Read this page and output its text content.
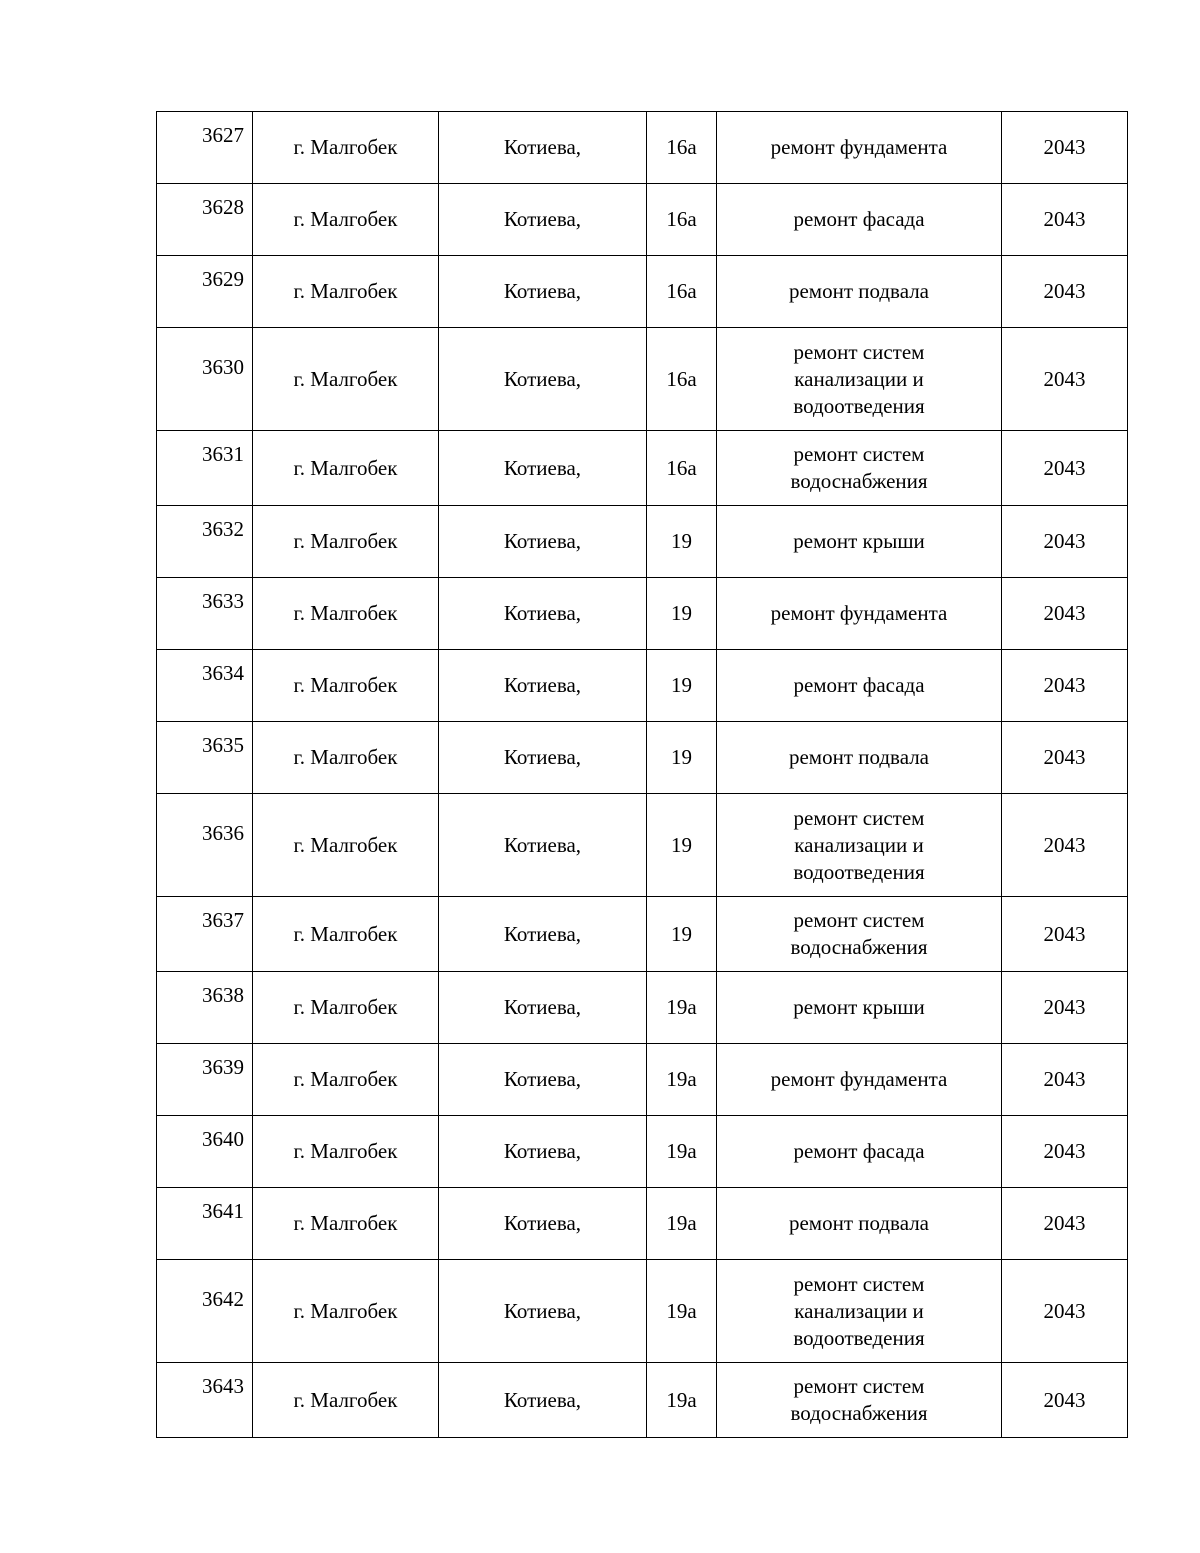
3627	г. Малгобек	Котиева,	16а	ремонт фундамента	2043
3628	г. Малгобек	Котиева,	16а	ремонт фасада	2043
3629	г. Малгобек	Котиева,	16а	ремонт подвала	2043
3630	г. Малгобек	Котиева,	16а	ремонт систем канализации и водоотведения	2043
3631	г. Малгобек	Котиева,	16а	ремонт систем водоснабжения	2043
3632	г. Малгобек	Котиева,	19	ремонт крыши	2043
3633	г. Малгобек	Котиева,	19	ремонт фундамента	2043
3634	г. Малгобек	Котиева,	19	ремонт фасада	2043
3635	г. Малгобек	Котиева,	19	ремонт подвала	2043
3636	г. Малгобек	Котиева,	19	ремонт систем канализации и водоотведения	2043
3637	г. Малгобек	Котиева,	19	ремонт систем водоснабжения	2043
3638	г. Малгобек	Котиева,	19а	ремонт крыши	2043
3639	г. Малгобек	Котиева,	19а	ремонт фундамента	2043
3640	г. Малгобек	Котиева,	19а	ремонт фасада	2043
3641	г. Малгобек	Котиева,	19а	ремонт подвала	2043
3642	г. Малгобек	Котиева,	19а	ремонт систем канализации и водоотведения	2043
3643	г. Малгобек	Котиева,	19а	ремонт систем водоснабжения	2043
